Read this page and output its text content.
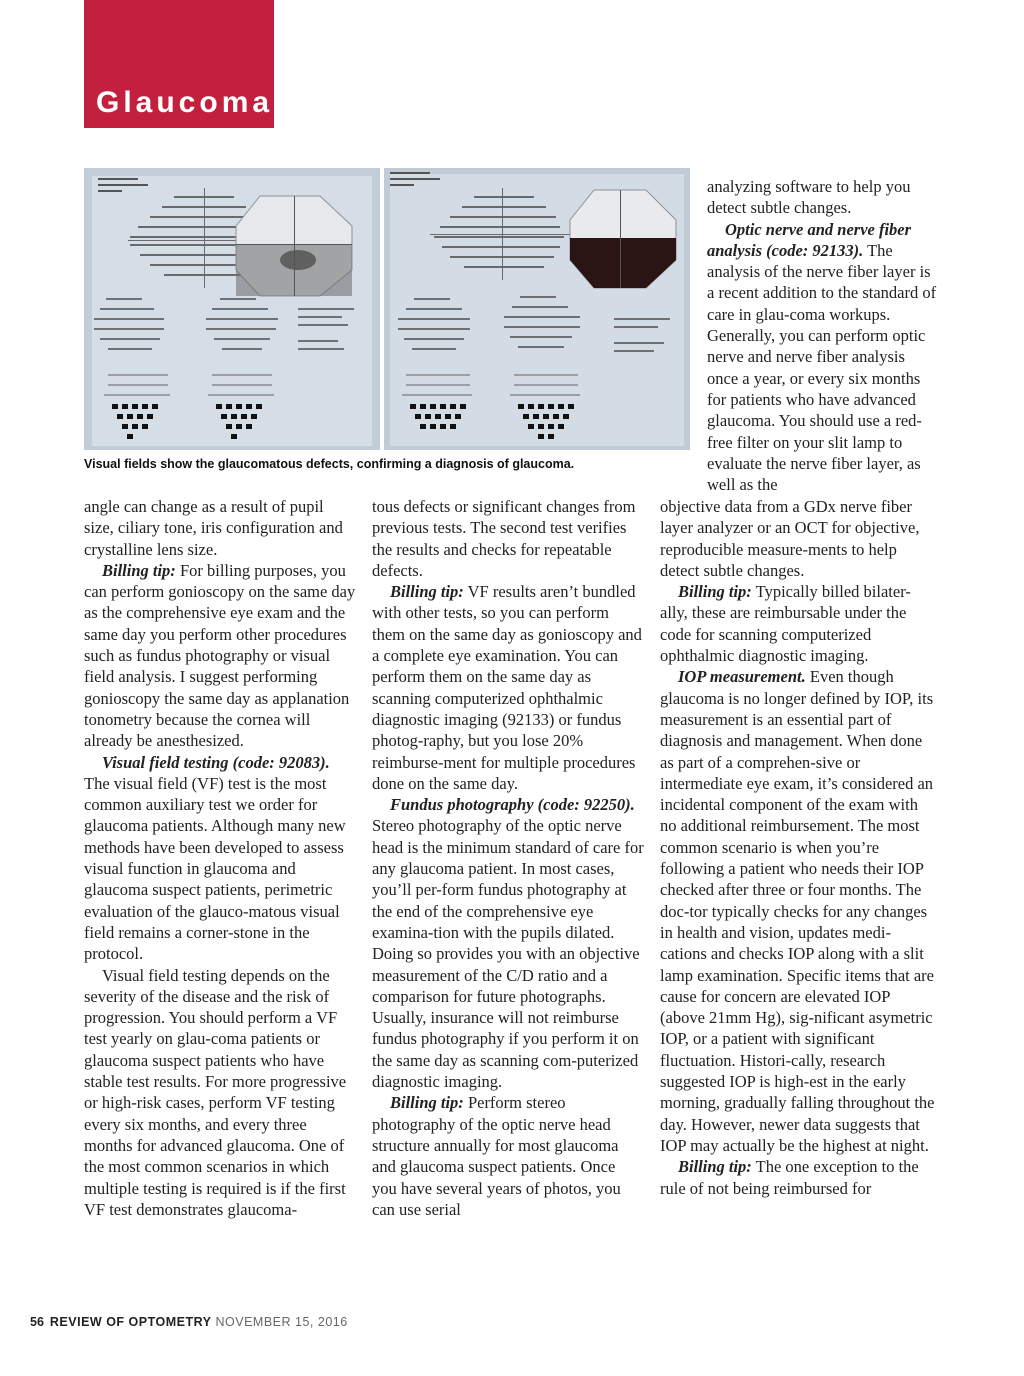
Glaucoma
Visual fields show the glaucomatous defects, confirming a diagnosis of glaucoma.

analyzing software to help you detect subtle changes.

Optic nerve and nerve fiber analysis (code: 92133). The analysis of the nerve fiber layer is a recent addition to the standard of care in glau-coma workups. Generally, you can perform optic nerve and nerve fiber analysis once a year, or every six months for patients who have advanced glaucoma. You should use a red-free filter on your slit lamp to evaluate the nerve fiber layer, as well as the

angle can change as a result of pupil size, ciliary tone, iris configuration and crystalline lens size.

Billing tip: For billing purposes, you can perform gonioscopy on the same day as the comprehensive eye exam and the same day you perform other procedures such as fundus photography or visual field analysis. I suggest performing gonioscopy the same day as applanation tonometry because the cornea will already be anesthesized.

Visual field testing (code: 92083). The visual field (VF) test is the most common auxiliary test we order for glaucoma patients. Although many new methods have been developed to assess visual function in glaucoma and glaucoma suspect patients, perimetric evaluation of the glauco-matous visual field remains a corner-stone in the protocol.

Visual field testing depends on the severity of the disease and the risk of progression. You should perform a VF test yearly on glau-coma patients or glaucoma suspect patients who have stable test results. For more progressive or high-risk cases, perform VF testing every six months, and every three months for advanced glaucoma. One of the most common scenarios in which multiple testing is required is if the first VF test demonstrates glaucoma-

tous defects or significant changes from previous tests. The second test verifies the results and checks for repeatable defects.

Billing tip: VF results aren’t bundled with other tests, so you can perform them on the same day as gonioscopy and a complete eye examination. You can perform them on the same day as scanning computerized ophthalmic diagnostic imaging (92133) or fundus photog-raphy, but you lose 20% reimburse-ment for multiple procedures done on the same day.

Fundus photography (code: 92250). Stereo photography of the optic nerve head is the minimum standard of care for any glaucoma patient. In most cases, you’ll per-form fundus photography at the end of the comprehensive eye examina-tion with the pupils dilated. Doing so provides you with an objective measurement of the C/D ratio and a comparison for future photographs. Usually, insurance will not reimburse fundus photography if you perform it on the same day as scanning com-puterized diagnostic imaging.

Billing tip: Perform stereo photography of the optic nerve head structure annually for most glaucoma and glaucoma suspect patients. Once you have several years of photos, you can use serial

objective data from a GDx nerve fiber layer analyzer or an OCT for objective, reproducible measure-ments to help detect subtle changes.

Billing tip: Typically billed bilater-ally, these are reimbursable under the code for scanning computerized ophthalmic diagnostic imaging.

IOP measurement. Even though glaucoma is no longer defined by IOP, its measurement is an essential part of diagnosis and management. When done as part of a comprehen-sive or intermediate eye exam, it’s considered an incidental component of the exam with no additional reimbursement. The most common scenario is when you’re following a patient who needs their IOP checked after three or four months. The doc-tor typically checks for any changes in health and vision, updates medi-cations and checks IOP along with a slit lamp examination. Specific items that are cause for concern are elevated IOP (above 21mm Hg), sig-nificant asymetric IOP, or a patient with significant fluctuation. Histori-cally, research suggested IOP is high-est in the early morning, gradually falling throughout the day. However, newer data suggests that IOP may actually be the highest at night.

Billing tip: The one exception to the rule of not being reimbursed for

56 REVIEW OF OPTOMETRY NOVEMBER 15, 2016
